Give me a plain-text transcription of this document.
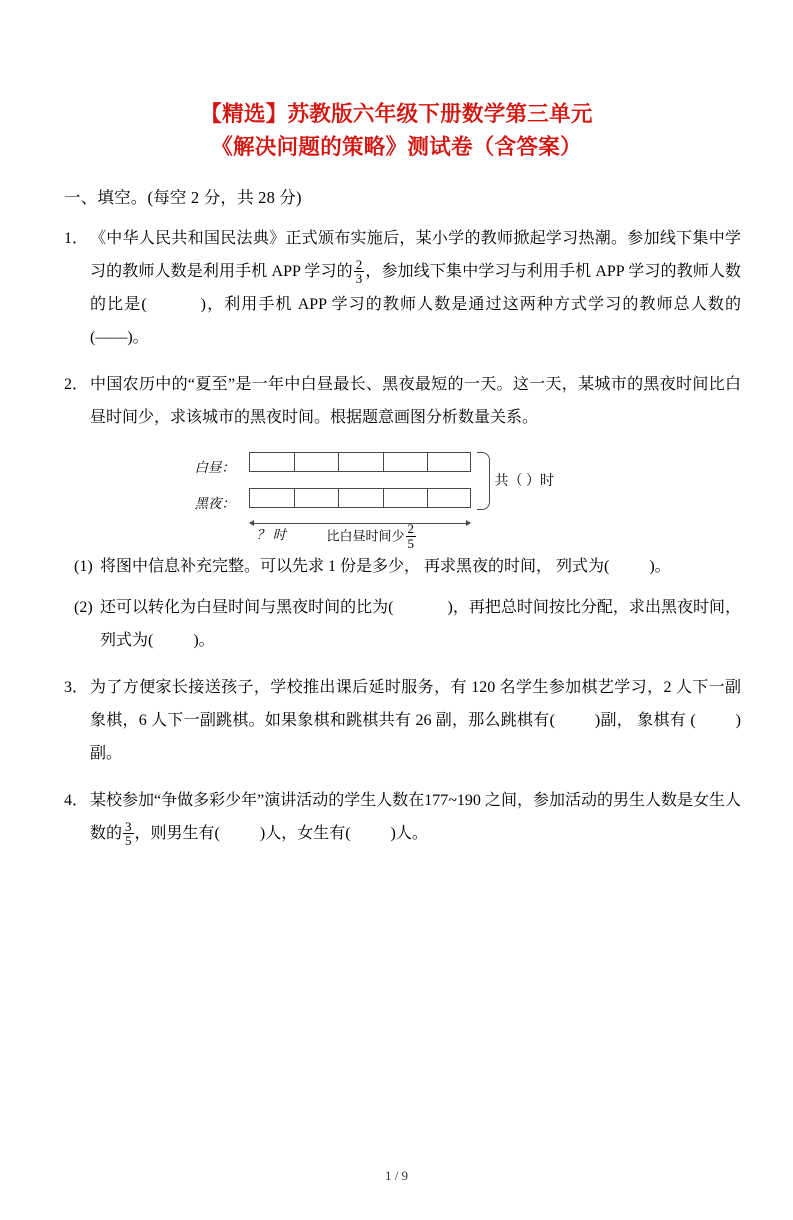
【精选】苏教版六年级下册数学第三单元
《解决问题的策略》测试卷（含答案）
一、填空。(每空 2 分，共 28 分)
1． 《中华人民共和国民法典》正式颁布实施后，某小学的教师掀起学习热潮。参加线下集中学习的教师人数是利用手机 APP 学习的 $\frac{2}{3}$ ，参加线下集中学习与利用手机 APP 学习的教师人数的比是(	)，利用手机 APP 学习的教师人数是通过这两种方式学习的教师总人数的(——)。
2． 中国农历中的“夏至”是一年中白昼最长、黑夜最短的一天。这一天，某城市的黑夜时间比白昼时间少，求该城市的黑夜时间。根据题意画图分析数量关系。
白昼：
黑夜：
共（ ）时
？ 时	比白昼时间少 $\frac{2}{5}$
(1) 将图中信息补充完整。可以先求 1 份是多少， 再求黑夜的时间， 列式为(	)。
(2) 还可以转化为白昼时间与黑夜时间的比为(	)，再把总时间按比分配，求出黑夜时间，列式为(	)。
3． 为了方便家长接送孩子，学校推出课后延时服务，有 120 名学生参加棋艺学习，2 人下一副象棋，6 人下一副跳棋。如果象棋和跳棋共有 26 副，那么跳棋有(	)副， 象棋有 (	)副。
4． 某校参加“争做多彩少年”演讲活动的学生人数在177~190 之间，参加活动的男生人数是女生人数的 $\frac{3}{5}$ ，则男生有(	)人，女生有(	)人。
1 / 9
